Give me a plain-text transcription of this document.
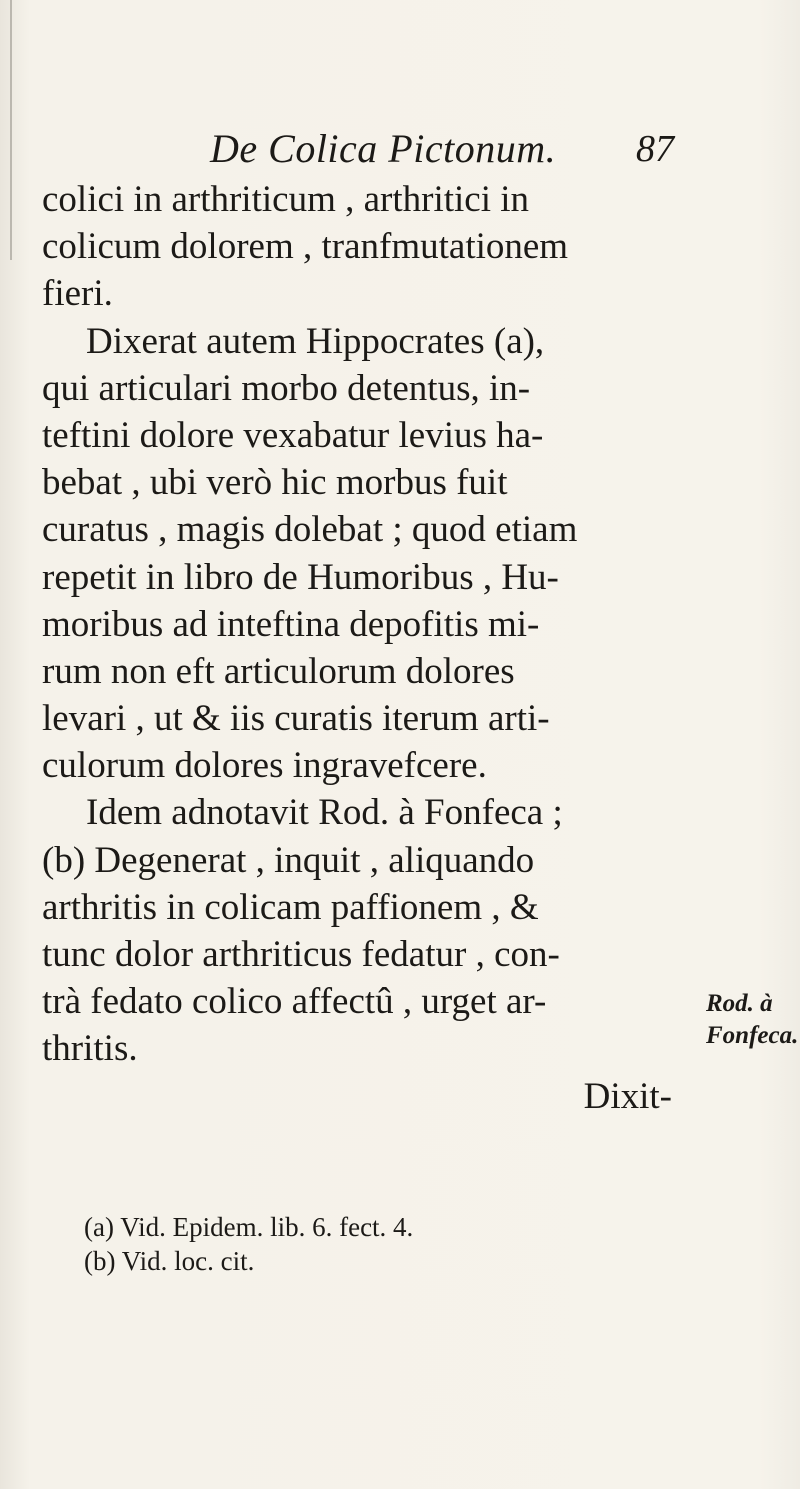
De Colica Pictonum.	87
colici in arthriticum , arthritici in
colicum dolorem , tranfmutationem
fieri.
Dixerat autem Hippocrates (a),
qui articulari morbo detentus, in-
teftini dolore vexabatur levius ha-
bebat , ubi verò hic morbus fuit
curatus , magis dolebat ; quod etiam
repetit in libro de Humoribus , Hu-
moribus ad inteftina depofitis mi-
rum non eft articulorum dolores
levari , ut & iis curatis iterum arti-
culorum dolores ingravefcere.
Idem adnotavit Rod. à Fonfeca ;
(b) Degenerat , inquit , aliquando
arthritis in colicam paffionem , &
tunc dolor arthriticus fedatur , con-
trà fedato colico affectû , urget ar-
thritis.
Dixit-
Rod. à
Fonfeca.
(a) Vid. Epidem. lib. 6. fect. 4.
(b) Vid. loc. cit.
